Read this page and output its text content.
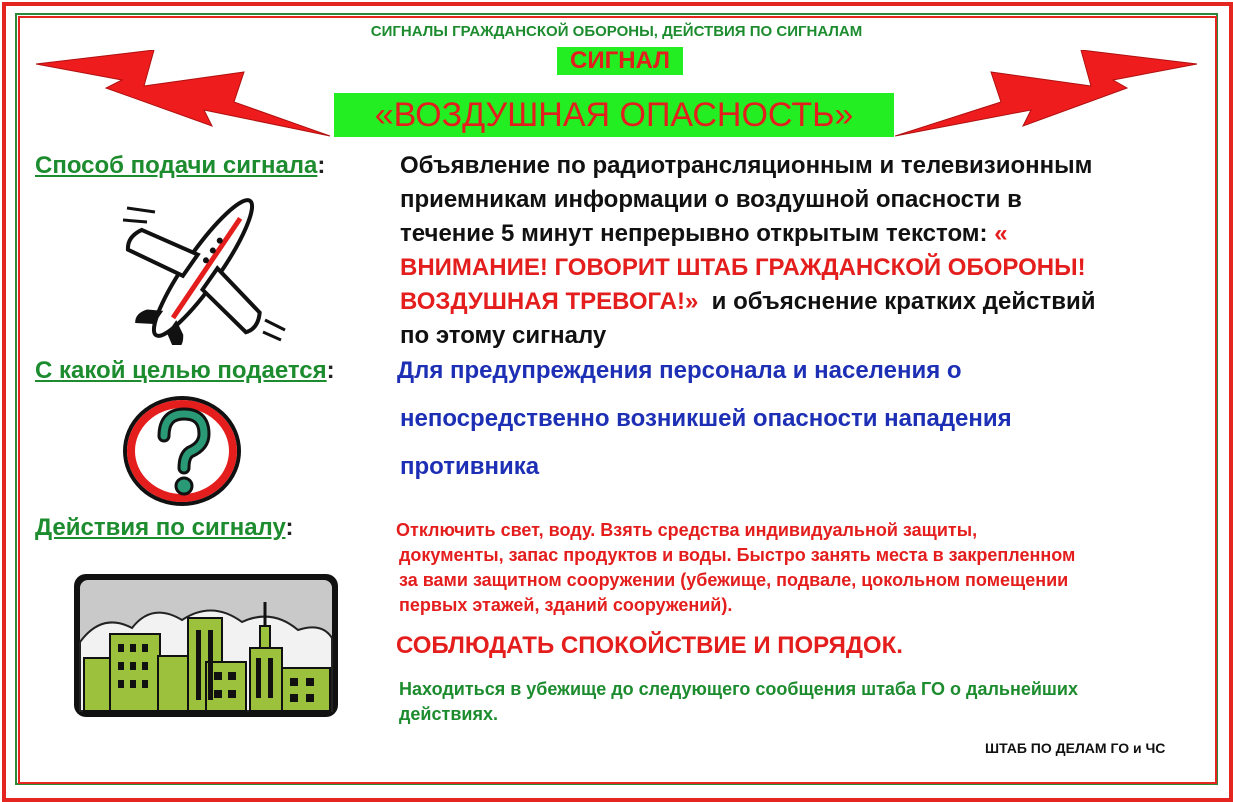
СИГНАЛЫ ГРАЖДАНСКОЙ ОБОРОНЫ, ДЕЙСТВИЯ ПО СИГНАЛАМ
СИГНАЛ
«ВОЗДУШНАЯ ОПАСНОСТЬ»
Способ подачи сигнала:	Объявление по радиотрансляционным и телевизионным
приемникам информации о воздушной опасности в
течение 5 минут непрерывно открытым текстом: «
ВНИМАНИЕ! ГОВОРИТ ШТАБ ГРАЖДАНСКОЙ ОБОРОНЫ!
ВОЗДУШНАЯ ТРЕВОГА!» и объяснение кратких действий
по этому сигналу
С какой целью подается:	Для предупреждения персонала и населения о
непосредственно возникшей опасности нападения
противника
Действия по сигналу:	Отключить свет, воду. Взять средства индивидуальной защиты,
документы, запас продуктов и воды. Быстро занять места в закрепленном
за вами защитном сооружении (убежище, подвале, цокольном помещении
первых этажей, зданий сооружений).
СОБЛЮДАТЬ СПОКОЙСТВИЕ И ПОРЯДОК.
Находиться в убежище до следующего сообщения штаба ГО о дальнейших
действиях.
ШТАБ ПО ДЕЛАМ ГО и ЧС
